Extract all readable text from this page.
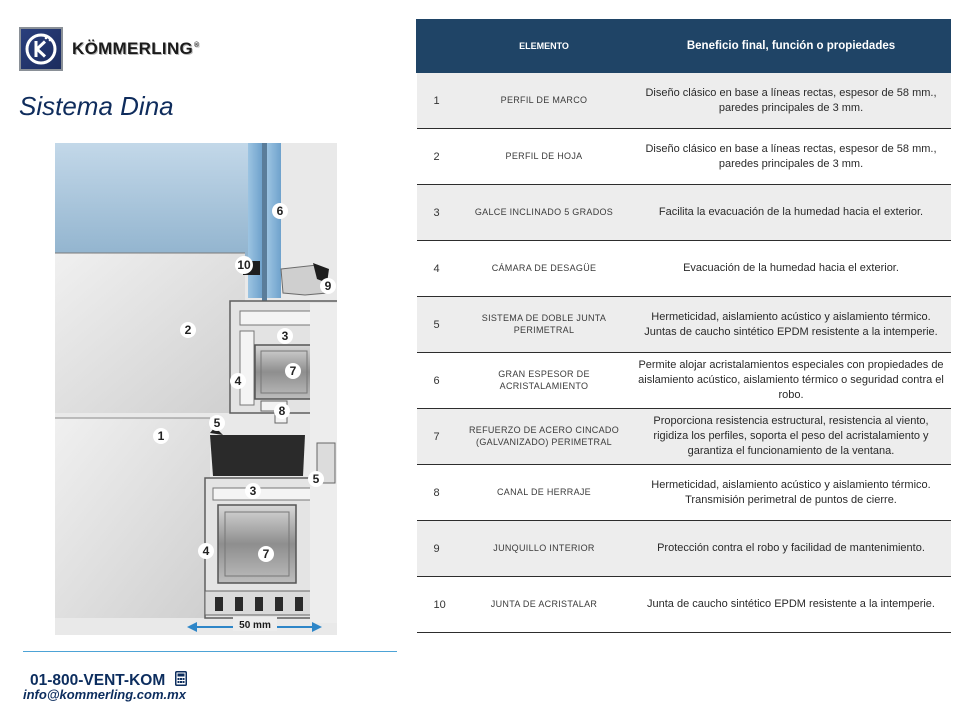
KÖMMERLING®
Sistema Dina
50 mm
6
10
9
2	3
7
4
8
5
1
5
3
4	7
	ELEMENTO	Beneficio final, función o propiedades
1	PERFIL DE MARCO	Diseño clásico en base a líneas rectas, espesor de 58 mm., paredes principales de 3 mm.
2	PERFIL DE HOJA	Diseño clásico en base a líneas rectas, espesor de 58 mm., paredes principales de 3 mm.
3	GALCE INCLINADO 5 GRADOS	Facilita la evacuación de la humedad hacia el exterior.
4	CÁMARA DE DESAGÜE	Evacuación de la humedad hacia el exterior.
5	SISTEMA DE DOBLE JUNTA PERIMETRAL	Hermeticidad, aislamiento acústico y aislamiento térmico. Juntas de caucho sintético EPDM resistente a la intemperie.
6	GRAN ESPESOR DE ACRISTALAMIENTO	Permite alojar acristalamientos especiales con propiedades de aislamiento acústico, aislamiento térmico o seguridad contra el robo.
7	REFUERZO DE ACERO CINCADO (GALVANIZADO) PERIMETRAL	Proporciona resistencia estructural, resistencia al viento, rigidiza los perfiles, soporta el peso del acristalamiento y garantiza el funcionamiento de la ventana.
8	CANAL DE HERRAJE	Hermeticidad, aislamiento acústico y aislamiento térmico. Transmisión perimetral de puntos de cierre.
9	JUNQUILLO INTERIOR	Protección contra el robo y facilidad de mantenimiento.
10	JUNTA DE ACRISTALAR	Junta de caucho sintético EPDM resistente a la intemperie.
01-800-VENT-KOM
info@kommerling.com.mx
